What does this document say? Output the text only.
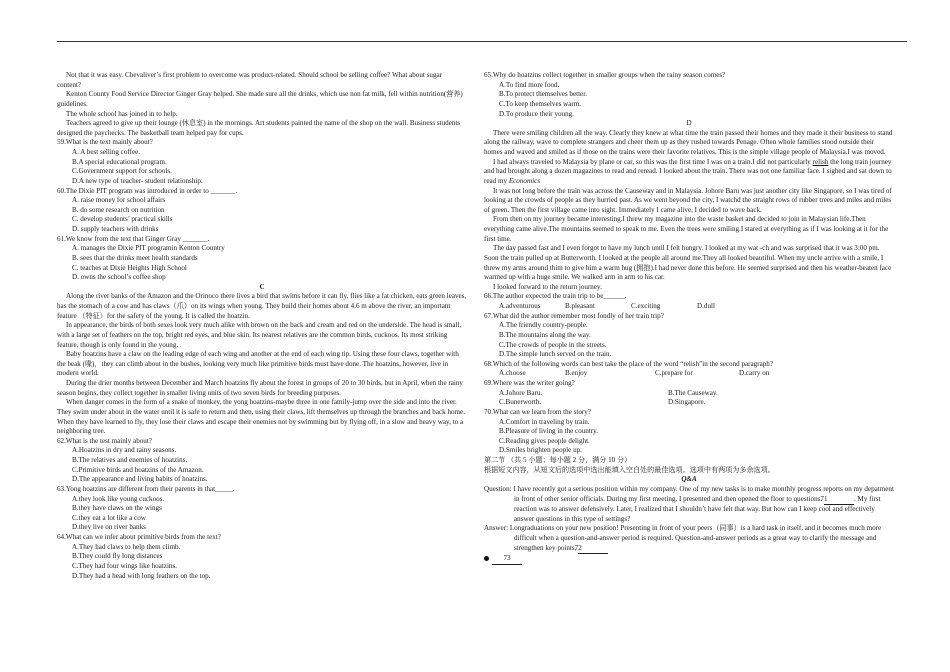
Not that it was easy. Chevaliver’s first problem to overcome was product-related. Should school be selling coffee? What about sugar content?

Kenton County Food Service Director Ginger Gray helped. She made sure all the drinks, which use non fat milk, fell within nutrition(营养) guidelines.

The whole school has joined in to help.

Teachers agreed to give up their lounge (休息室) in the mornings. Art students painted the name of the shop on the wall. Business students designed the paychecks. The basketball team helped pay for cups.

59.What is the text mainly about?

A. A best selling coffee.

B.A special educational program.

C.Government support for schools.

D.A new type of teacher- student relationship.

60.The Dixie PIT program was introduced in order to _______.

A. raise money for school affairs

B. do some research on nutrition

C. develop students’ practical skills

D. supply teachers with drinks

61.We know from the text that Ginger Gray _______.

A. manages the Dixie PIT programin Kenton Country

B. sees that the drinks meet health standards

C. teaches at Dixie Heights High School

D. owns the school’s coffee shop

C

Along the river banks of the Amazon and the Orinoco there lives a bird that swims before it can fly, flies like a fat chicken, eats green leaves, has the stomach of a cow and has claws（爪）on its wings when young. They build their homes about 4.6 m above the river, an important feature （特征）for the safety of the young. It is called the hoatzin.

In appearance, the birds of both sexes look very much alike with brown on the back and cream and red on the underside. The head is small, with a large set of feathers on the top, bright red eyes, and blue skin. Its nearest relatives are the common birds, cuckoos. Its most striking feature, though is only found in the young.

Baby hoatzins have a claw on the leading edge of each wing and another at the end of each wing tip. Using these four claws, together with the beak (喙)，they can climb about in the bushes, looking very much like primitive birds must have done. The hoatzins, however, live in modern world.

During the drier months between December and March hoatzins fly about the forest in groups of 20 to 30 birds, but in April, when the rainy season begins, they collect together in smaller living units of two seven birds for breeding purposes.

When danger comes in the form of a snake of monkey, the yong hoatzins-maybe three in one family-jump over the side and into the river. They swim under about in the water until it is safe to return and then, using their claws, lift themselves up through the branches and back home. When they have learned to fly, they lose their claws and escape their enemies not by swimming but by flying off, in a slow and heavy way, to a neighboring tree.

62.What is the test mainly about?

A.Hoatzins in dry and rainy seasons.

B.The relatives and enemies of hoatzins.

C.Primitive birds and hoatzins of the Amazon.

D.The appearance and living babits of hoatzins.

63.Yong hoatzins are different from their parents in that_____.

A.they look like young cuckoos.

B.they have claws on the wings

C.they eat a lot like a cow

D.they live on river banks

64.What can we infer about primitive birds from the text?

A.They had claws to help them climb.

B.They could fly long distances

C.They had four wings like hoatzins.

D.They had a head with long feathers on the top.

65.Why do hoatzins collect together in smaller groups when the rainy season comes?

A.To find more food.

B.To protect themselves better.

C.To keep themselves warm.

D.To produce their young.

D

There were smiling children all the way. Clearly they knew at what time the train passed their homes and they made it their business to stand along the railway, wave to complete strangers and cheer them up as they rushed towards Penage. Often whole families stood outside their homes and waved and smiled as if those on the trains were their favorite relatives. This is the simple village people of Malaysia.I was moved.

I had always traveled to Malaysia by plane or car, so this was the first time I was on a train.I did not particularly relish the long train journey and had brought along a dozen magazines to read and reread. I looked about the train. There was not one familiar face. I sighed and sat down to read my Economics

It was not long before the train was across the Causeway and in Malaysia. Johore Baru was just another city like Singapore, so I was tired of looking at the crowds of people as they hurried past. As we went beyond the city, I watchd the straight rows of rubber trees and miles and miles of green. Then the first village came into sight. Immediately I came alive, I decided to wave back.

From then on my journey became interesting.I threw my magazine into the waste basket and decided to join in Malaysian life.Then everything came alive.The mountains seemed to speak to me. Even the trees were smiling.I stared at everything as if I was looking at it for the first time.

The day passed fast and I even forgot to have my lunch until I felt hungry. I looked at my wat -ch and was surprised that it was 3:00 pm. Soon the train pulled up at Butterworth. I looked at the people all around me.They all looked beautiful. When my uncle arrive with a smile, I threw my arms around thim to give him a warm hug (拥抱).I had never done this before. He seemed surprised and then his weather-beaten face warmed up with a huge smile. We walked arm in arm to his car.

I looked forward to the return journey.

66.The author expected the train trip to be______.

A.adventurous	B.pleasant	C.exciting	D.dull

67.What did the author remember most fondly of her train trip?

A.The friendly country-people.

B.The mountains along the way.

C.The crowds of people in the streets.

D.The simple lunch served on the train.

68.Which of the following words can best take the place of the word “relish”in the second paragraph?

A.choose	B.enjoy	C.prepare for	D.carry on

69.Where was the writer going?

A.Johore Baru.	B.The Causeway.
C.Bunerworth.	D.Singapore.

70.What can we learn from the story?

A.Comfort in traveling by train.

B.Pleasure of living in the country.

C.Reading gives people delight.

D.Smiles brighten people up.

第二节 （共 5 小题；每小题 2 分，满分 10 分）

根据短文内容，从短文后的选项中选出能填入空白处的最佳选项。选项中有两项为多余选项。

Q&A

Question: I have recently got a serious position within my company. One of my new tasks is to make monthly progress reports on my depatment in front of other senior officials. During my first meeting, I presented and then opened the floor to questions. 71	. My first reaction was to answer defensively. Later, I realized that I shouldn’t have felt that way. But how can I keep cool and effectively answer questions in this type of settings?

Answer: Longraduations on your new position! Presenting in front of your peers（同事）is a hard task in itself, and it becomes much more difficult when a question-and-answer period is required. Question-and-answer periods as a great way to clarify the message and strengthen key points, 72

73
